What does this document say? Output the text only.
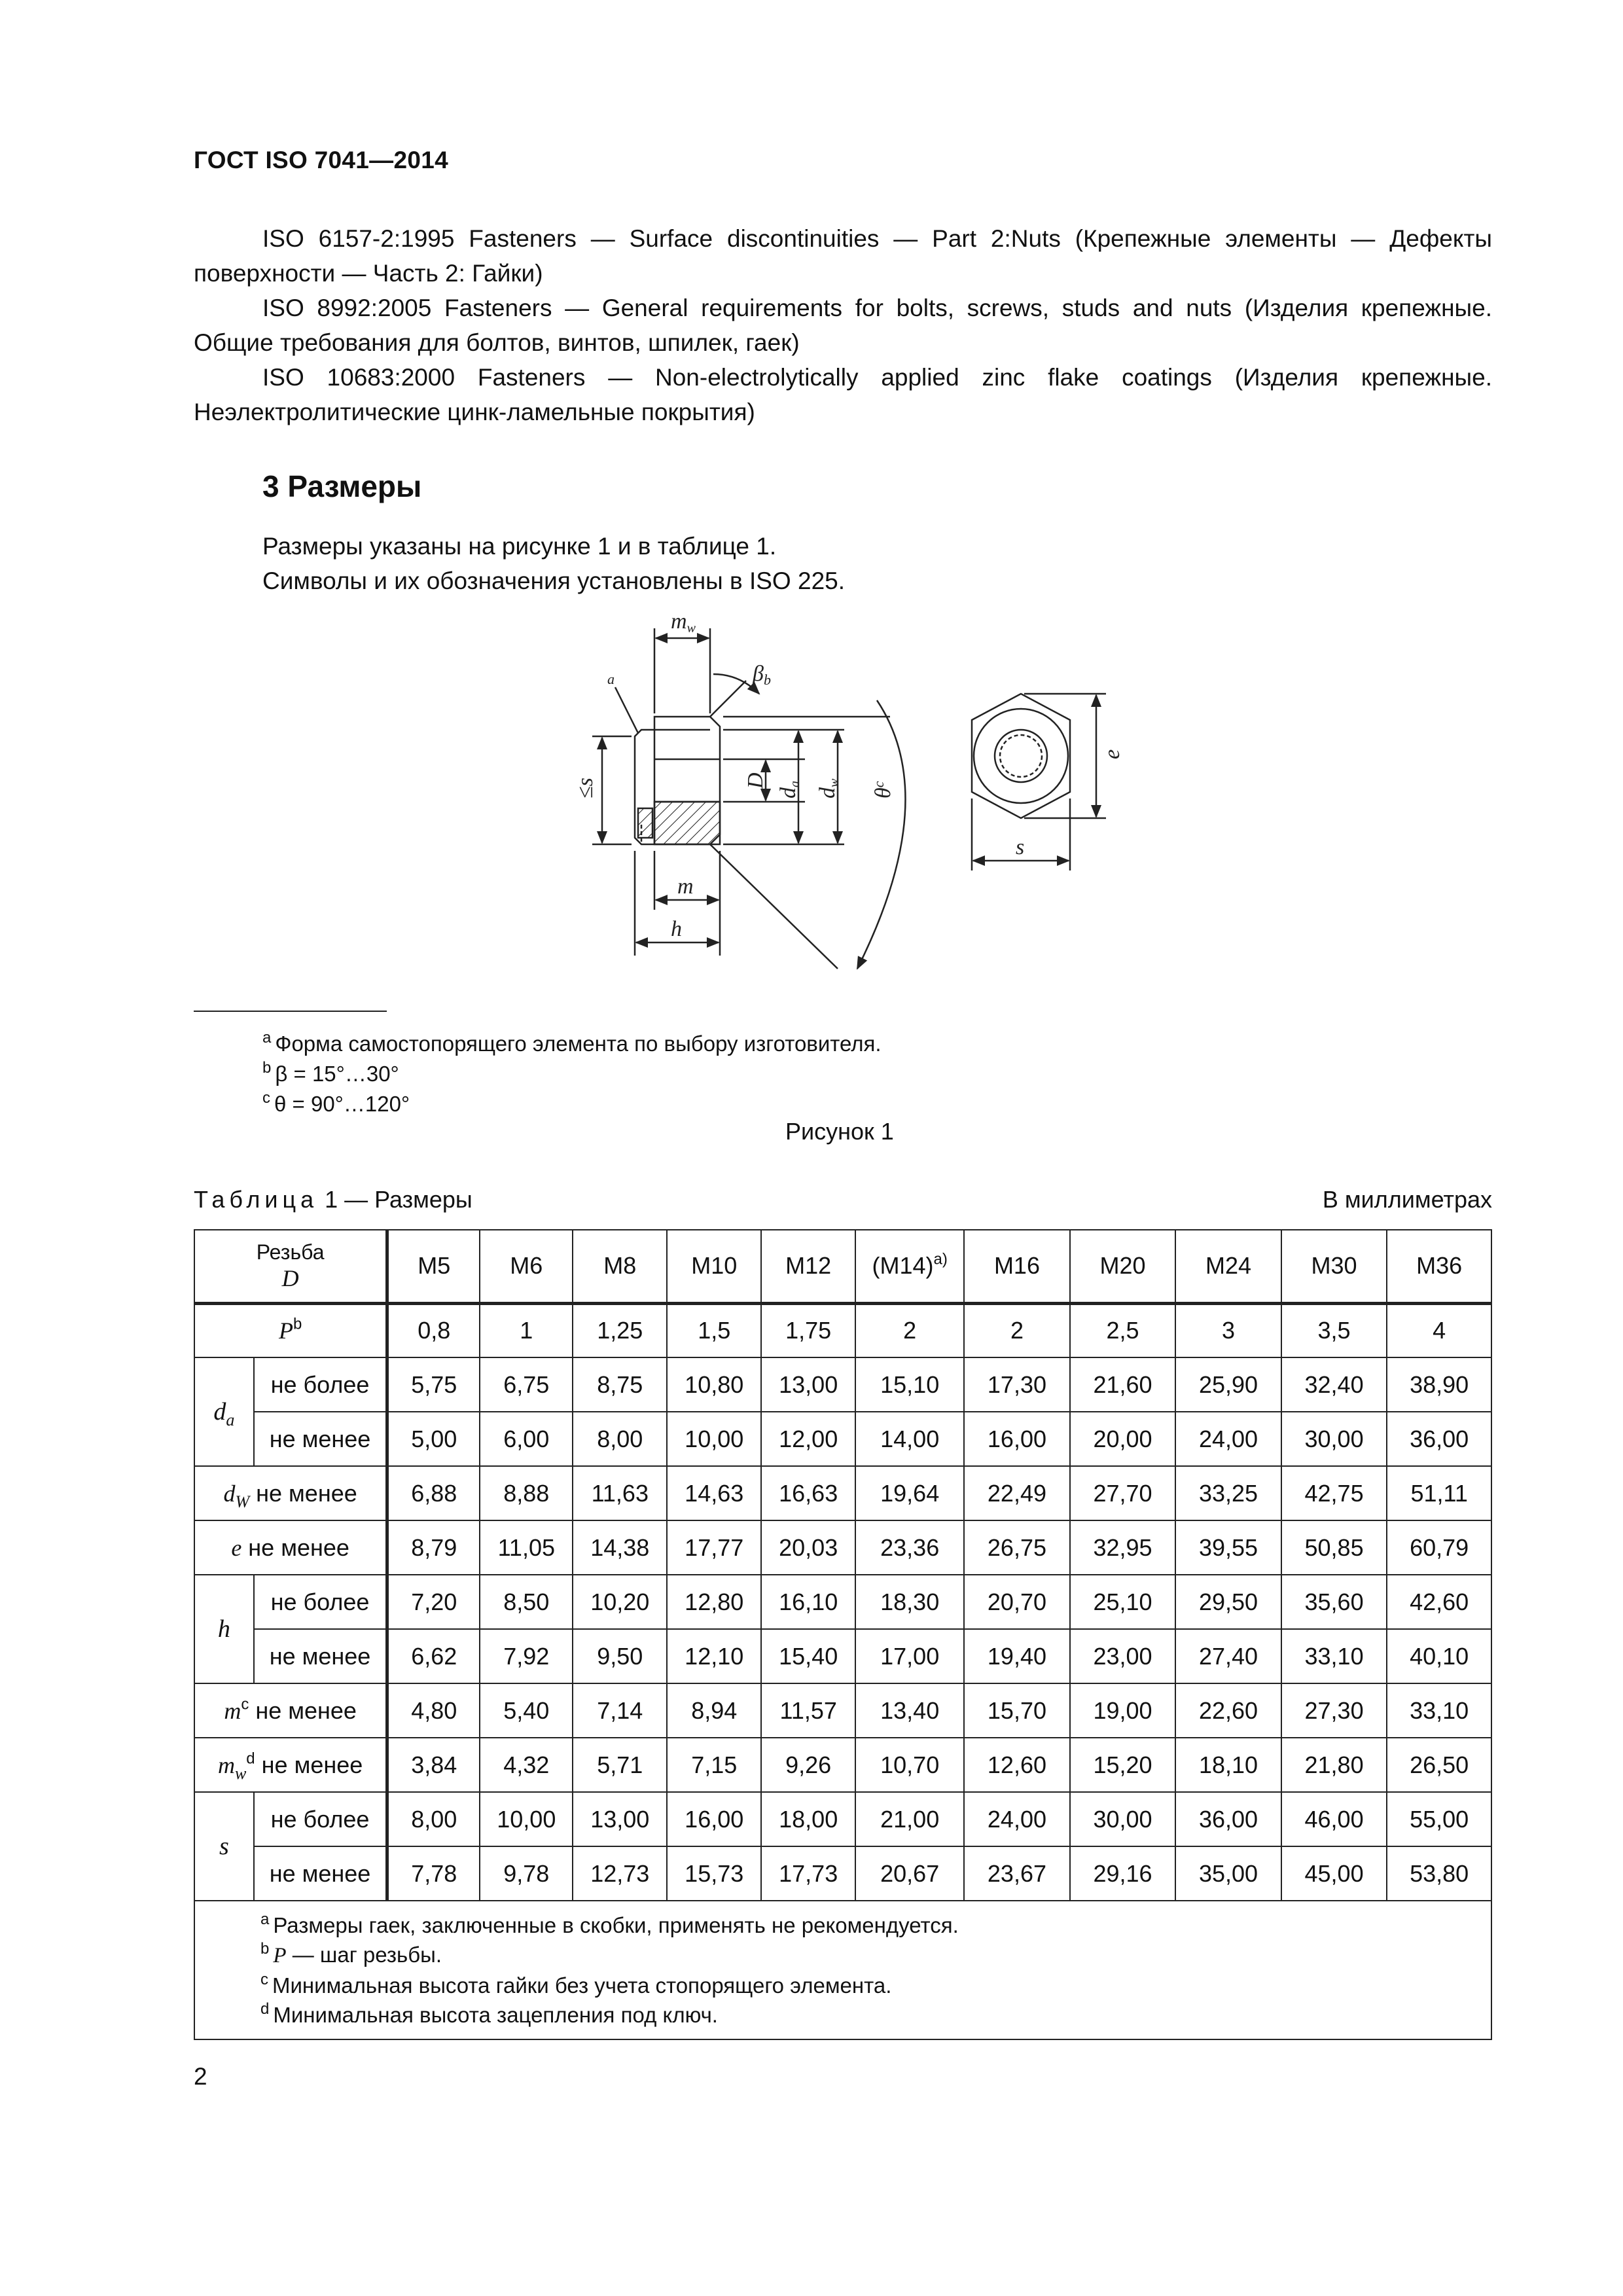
ГОСТ ISO 7041—2014

ISO 6157-2:1995 Fasteners — Surface discontinuities — Part 2:Nuts (Крепежные элементы — Дефекты поверхности — Часть 2: Гайки)

ISO 8992:2005 Fasteners — General requirements for bolts, screws, studs and nuts (Изделия крепежные. Общие требования для болтов, винтов, шпилек, гаек)

ISO 10683:2000 Fasteners — Non-electrolytically applied zinc flake coatings (Изделия крепежные. Неэлектролитические цинк-ламельные покрытия)

3 Размеры
Размеры указаны на рисунке 1 и в таблице 1.
Символы и их обозначения установлены в ISO 225.
mw
βb
a
≤s	D
da
dw
$\theta^c$
m
h
e
s
$^a$ Форма самостопорящего элемента по выбору изготовителя.
$^b$ β = 15°…30°
$^c$ θ = 90°…120°
Рисунок 1
Таблица 1 — Размеры	В миллиметрах
Резьба
D		M5	M6	M8	M10	M12	$(M14)^{a)}$	M16	M20	M24	M30	M36
$P^b$		0,8	1	1,25	1,5	1,75	2	2	2,5	3	3,5	4
$d_a$	не более	5,75	6,75	8,75	10,80	13,00	15,10	17,30	21,60	25,90	32,40	38,90
	не менее	5,00	6,00	8,00	10,00	12,00	14,00	16,00	20,00	24,00	30,00	36,00
$d_W$ не менее		6,88	8,88	11,63	14,63	16,63	19,64	22,49	27,70	33,25	42,75	51,11
e не менее		8,79	11,05	14,38	17,77	20,03	23,36	26,75	32,95	39,55	50,85	60,79
h	не более	7,20	8,50	10,20	12,80	16,10	18,30	20,70	25,10	29,50	35,60	42,60
	не менее	6,62	7,92	9,50	12,10	15,40	17,00	19,40	23,00	27,40	33,10	40,10
$m^c$ не менее		4,80	5,40	7,14	8,94	11,57	13,40	15,70	19,00	22,60	27,30	33,10
$m_w^d$ не менее		3,84	4,32	5,71	7,15	9,26	10,70	12,60	15,20	18,10	21,80	26,50
s	не более	8,00	10,00	13,00	16,00	18,00	21,00	24,00	30,00	36,00	46,00	55,00
	не менее	7,78	9,78	12,73	15,73	17,73	20,67	23,67	29,16	35,00	45,00	53,80

$^a$ Размеры гаек, заключенные в скобки, применять не рекомендуется.
$^b$ P — шаг резьбы.
$^c$ Минимальная высота гайки без учета стопорящего элемента.
$^d$ Минимальная высота зацепления под ключ.												
2
